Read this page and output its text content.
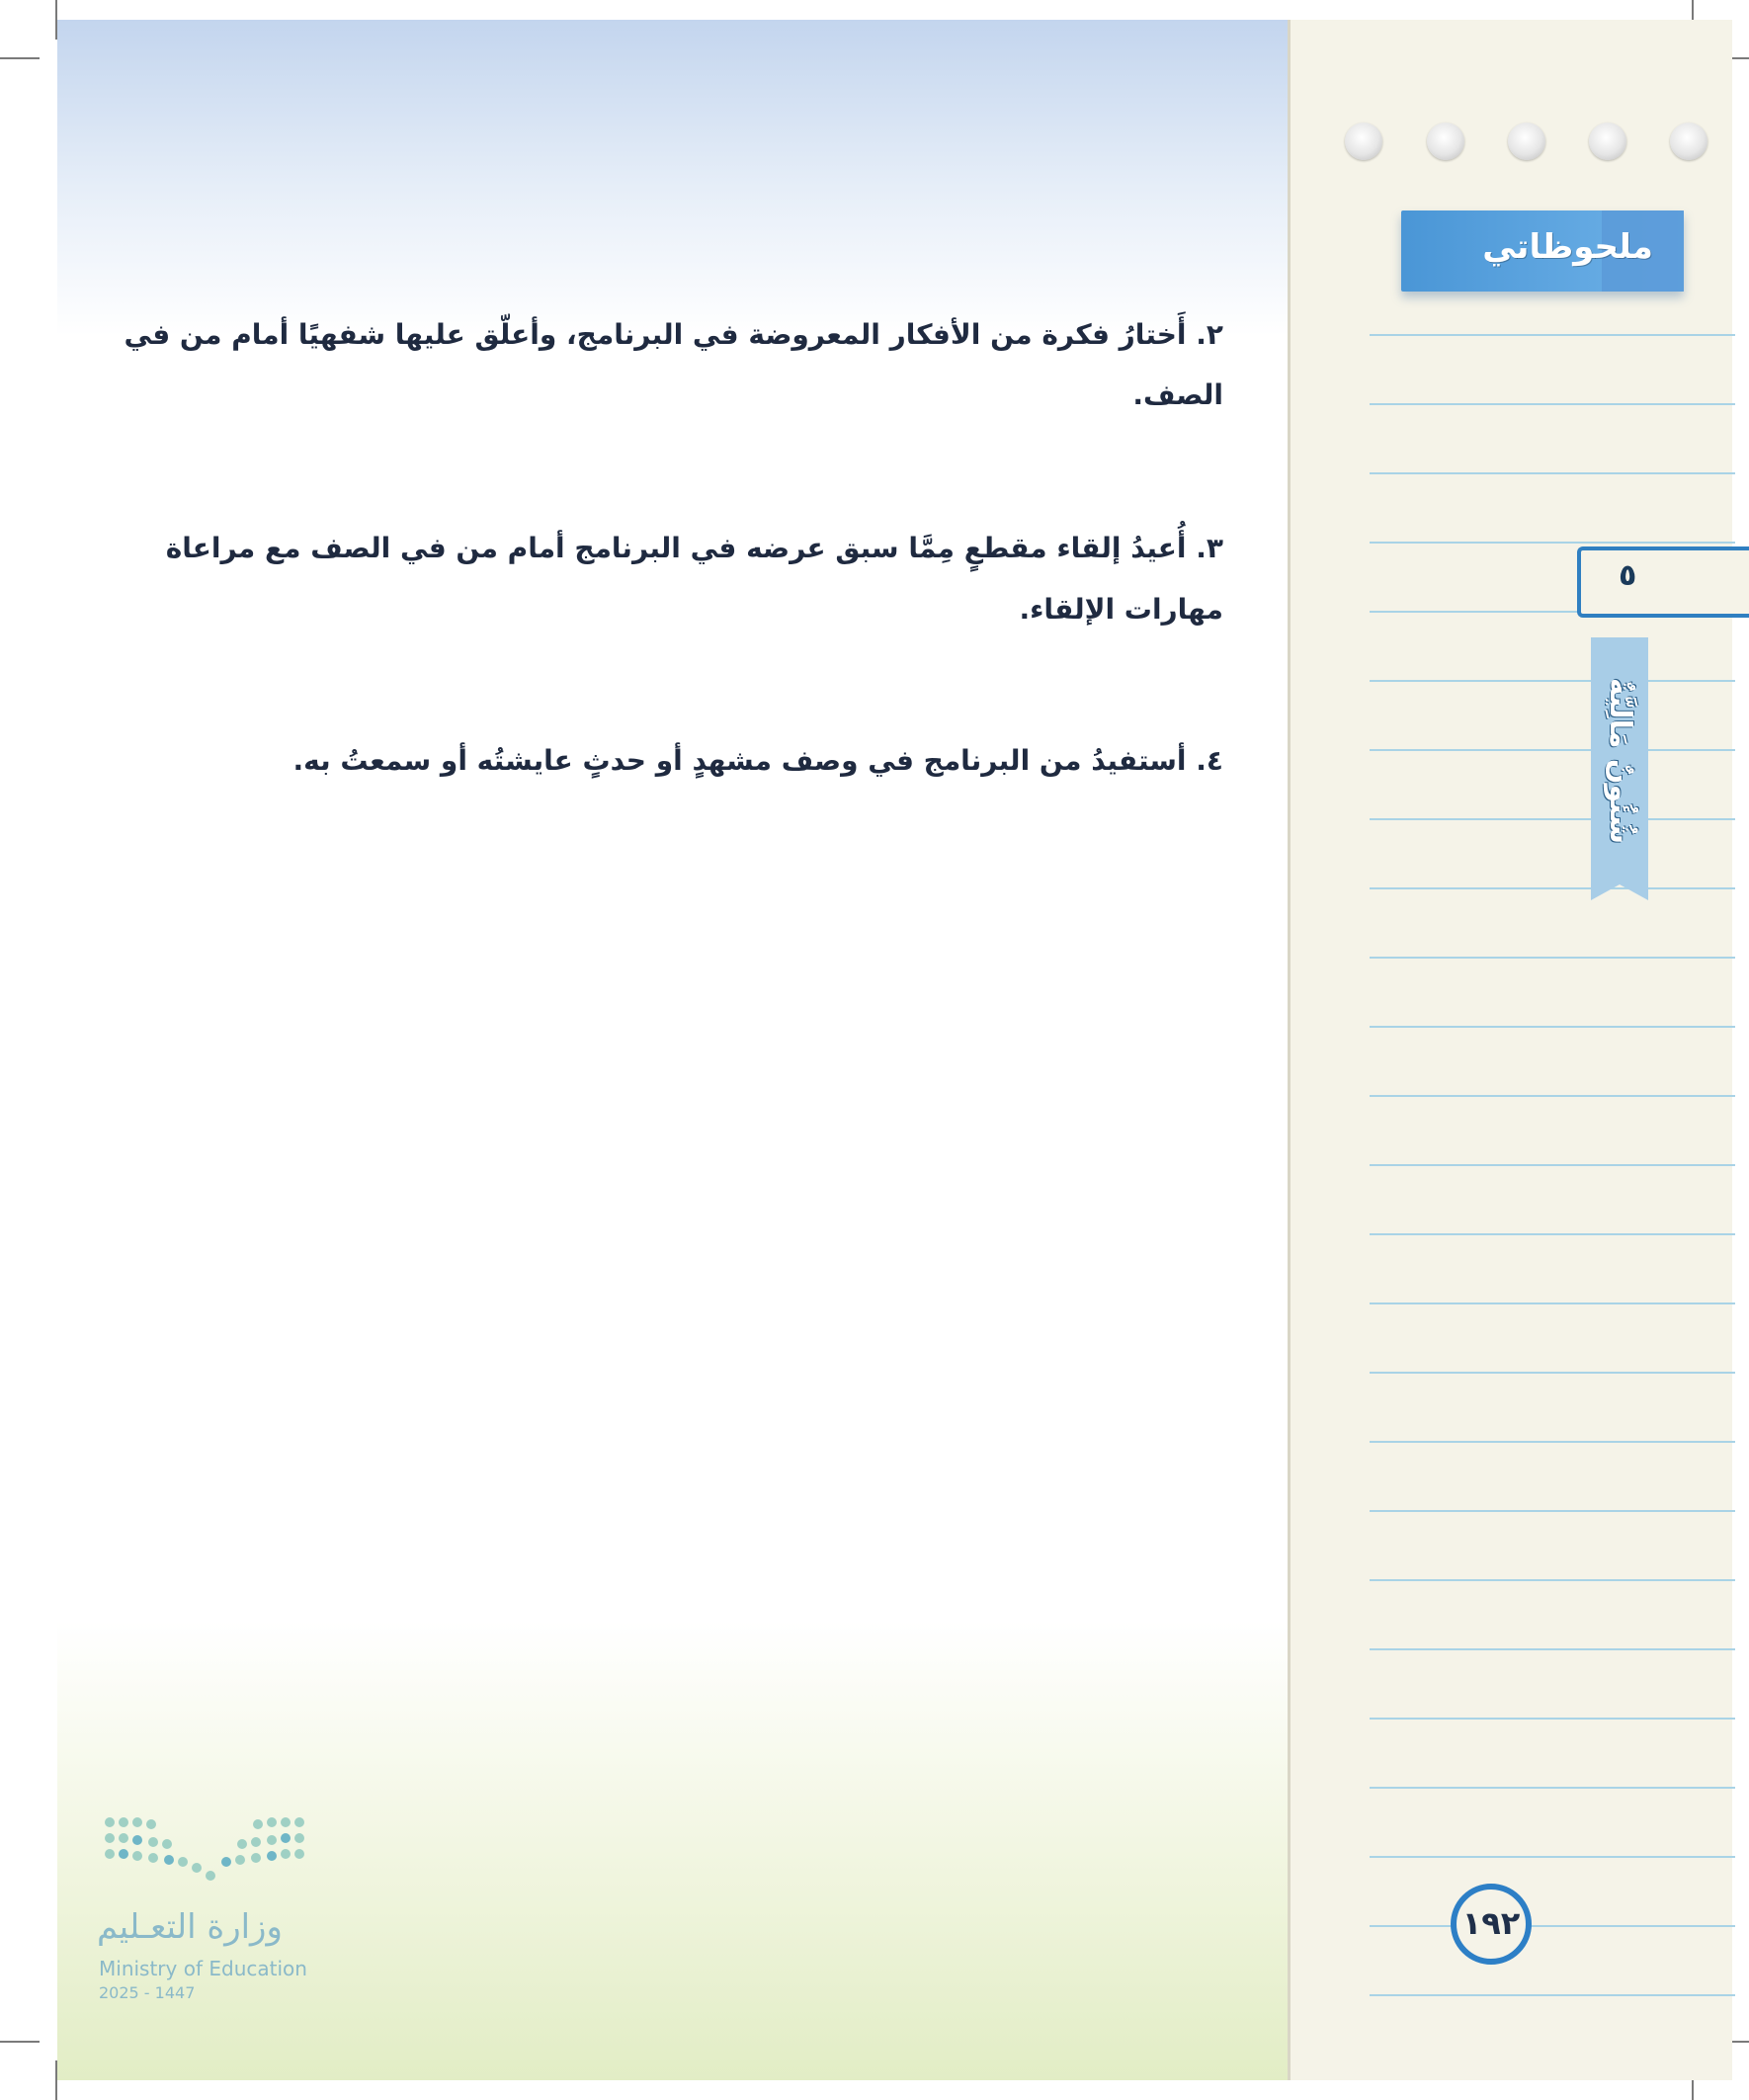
٢. أَختارُ فكرة من الأفكار المعروضة في البرنامج، وأعلّق عليها شفهيًا أمام من في
الصف.
٣. أُعيدُ إلقاء مقطعٍ مِمَّا سبق عرضه في البرنامج أمام من في الصف مع مراعاة
مهارات الإلقاء.
٤. أستفيدُ من البرنامج في وصف مشهدٍ أو حدثٍ عايشتُه أو سمعتُ به.
وزارة التعـليم
Ministry of Education
2025 - 1447
ملحوظاتي
٥
شُئُونٌ مَالِيَّةٌ
١٩٢
